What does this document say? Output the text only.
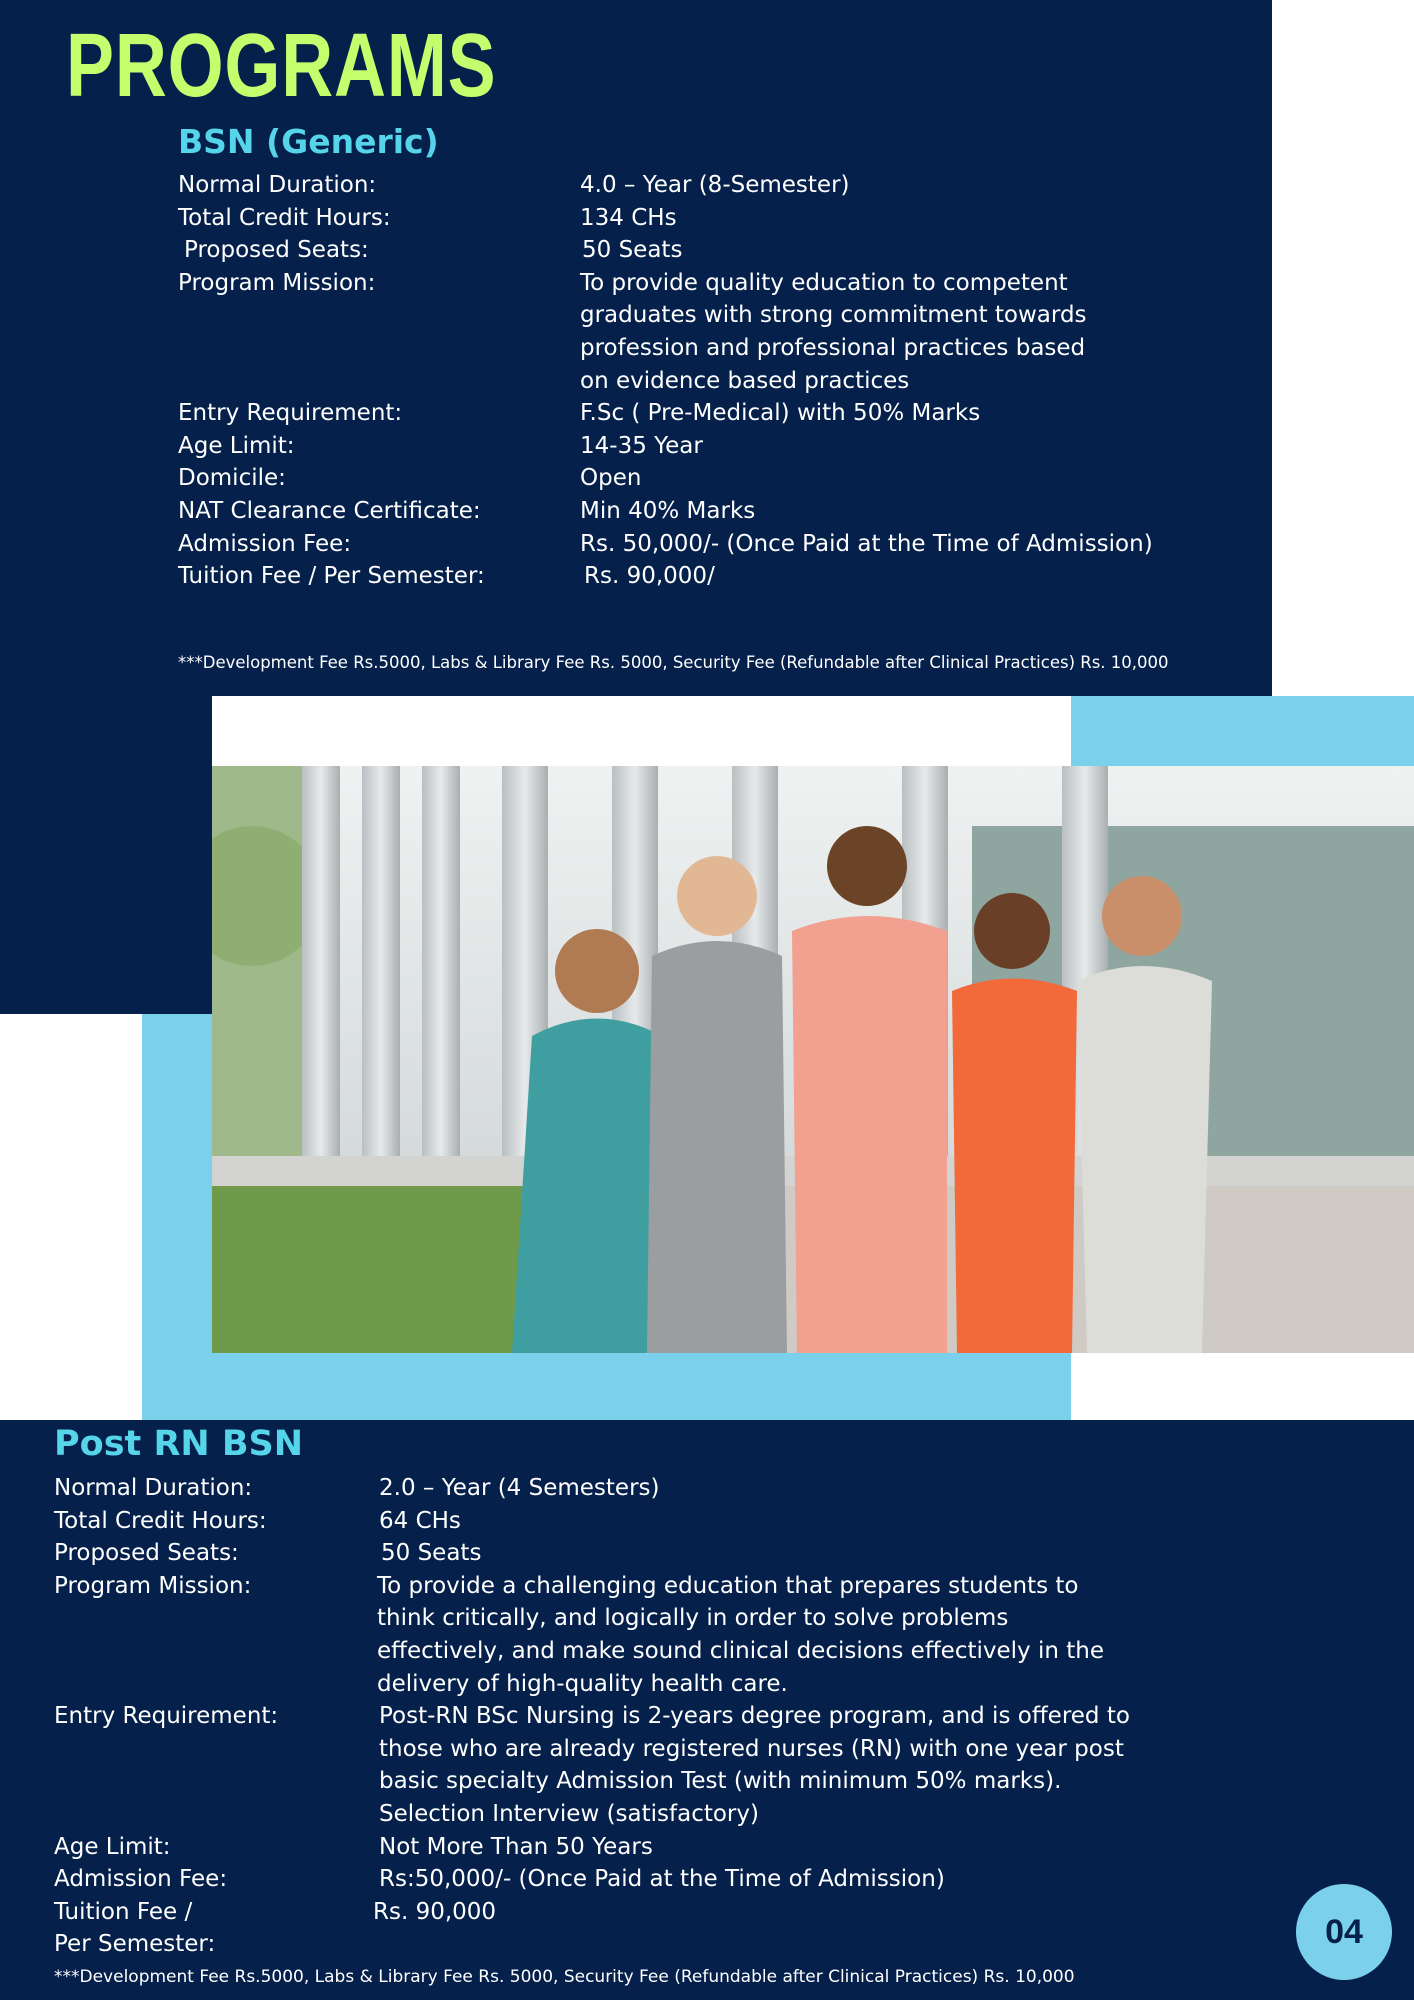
PROGRAMS
BSN (Generic)
Normal Duration:	4.0 – Year (8-Semester)
Total Credit Hours:	134 CHs
Proposed Seats:	50 Seats
Program Mission:	To provide quality education to competent graduates with strong commitment towards profession and professional practices based on evidence based practices
Entry Requirement:	F.Sc ( Pre-Medical) with 50% Marks
Age Limit:	14-35 Year
Domicile:	Open
NAT Clearance Certificate:	Min 40% Marks
Admission Fee:	Rs. 50,000/- (Once Paid at the Time of Admission)
Tuition Fee / Per Semester:	Rs. 90,000/
***Development Fee Rs.5000, Labs & Library Fee Rs. 5000, Security Fee (Refundable after Clinical Practices) Rs. 10,000
Post RN BSN
Normal Duration:	2.0 – Year (4 Semesters)
Total Credit Hours:	64 CHs
Proposed Seats:	50 Seats
Program Mission:	To provide a challenging education that prepares students to think critically, and logically in order to solve problems effectively, and make sound clinical decisions effectively in the delivery of high-quality health care.
Entry Requirement:	Post-RN BSc Nursing is 2-years degree program, and is offered to those who are already registered nurses (RN) with one year post basic specialty Admission Test (with minimum 50% marks). Selection Interview (satisfactory)
Age Limit:	Not More Than 50 Years
Admission Fee:	Rs:50,000/- (Once Paid at the Time of Admission)
Tuition Fee / Per Semester:
Rs. 90,000
***Development Fee Rs.5000, Labs & Library Fee Rs. 5000, Security Fee (Refundable after Clinical Practices) Rs. 10,000
04
